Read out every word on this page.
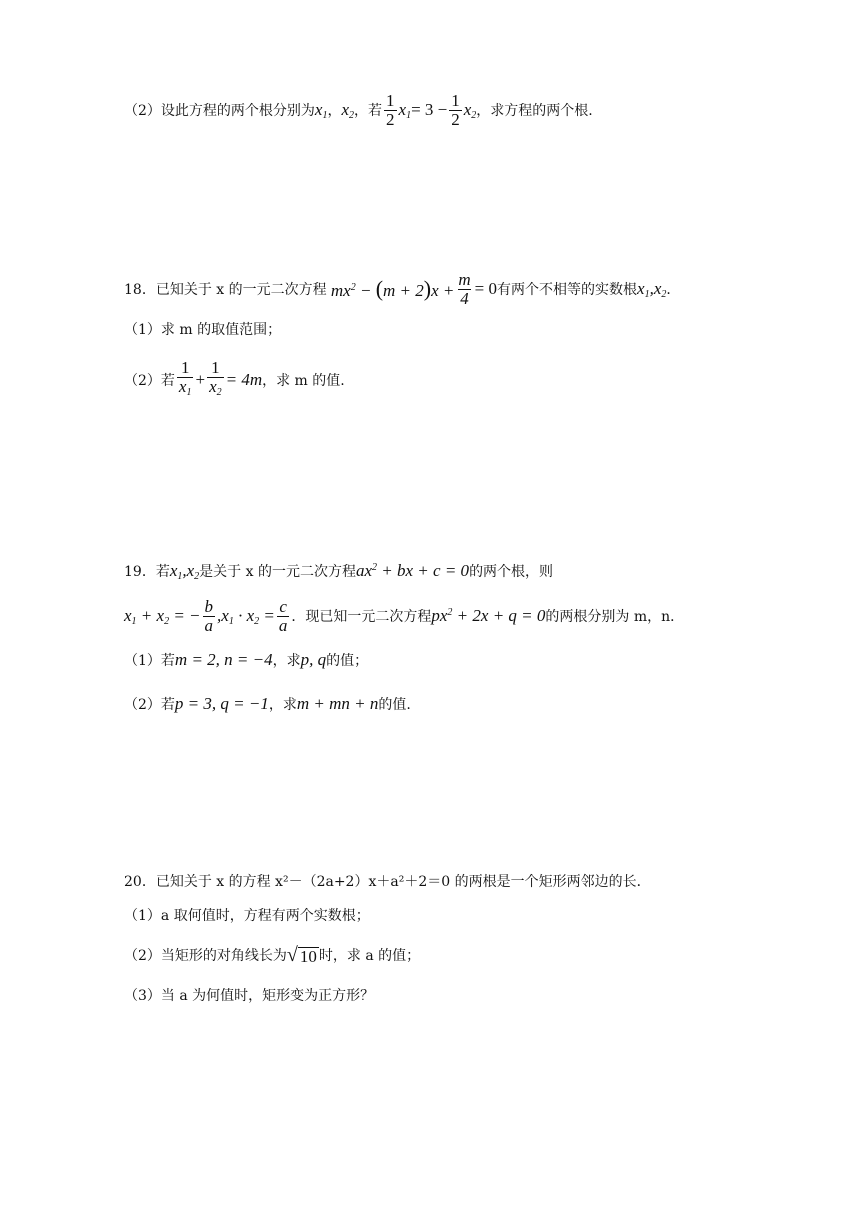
（2）设此方程的两个根分别为 $x_1$ ， $x_2$ ，若 $\frac{1}{2} x_1 = 3 - \frac{1}{2} x_2$ ，求方程的两个根.
18．已知关于 x 的一元二次方程 $mx^2 - (m + 2)x + \frac{m}{4} = 0$ 有两个不相等的实数根 $x_1,x_2$ ．
（1）求 m 的取值范围；
（2）若 $\frac{1}{x_1} + \frac{1}{x_2} = 4m$ ，求 m 的值.
19．若 $x_1,x_2$ 是关于 x 的一元二次方程 $ax^2$ + bx + c = 0 的两个根，则
$x_1 + x_2$ = − $\frac{b}{a} ,x_1 \cdot x_2 = \frac{c}{a}$ ．现已知一元二次方程 $px^2 + 2x + q = 0$ 的两根分别为 m，n．
（1）若 m = 2, n = −4 ，求 p, q 的值；
（2）若 p = 3, q = −1 ，求 m + mn + n 的值.
20．已知关于 x 的方程 x²－（2a+2）x＋a²＋2＝0 的两根是一个矩形两邻边的长．
（1）a 取何值时，方程有两个实数根；
（2）当矩形的对角线长为 √ 10 时，求 a 的值；
（3）当 a 为何值时，矩形变为正方形？
